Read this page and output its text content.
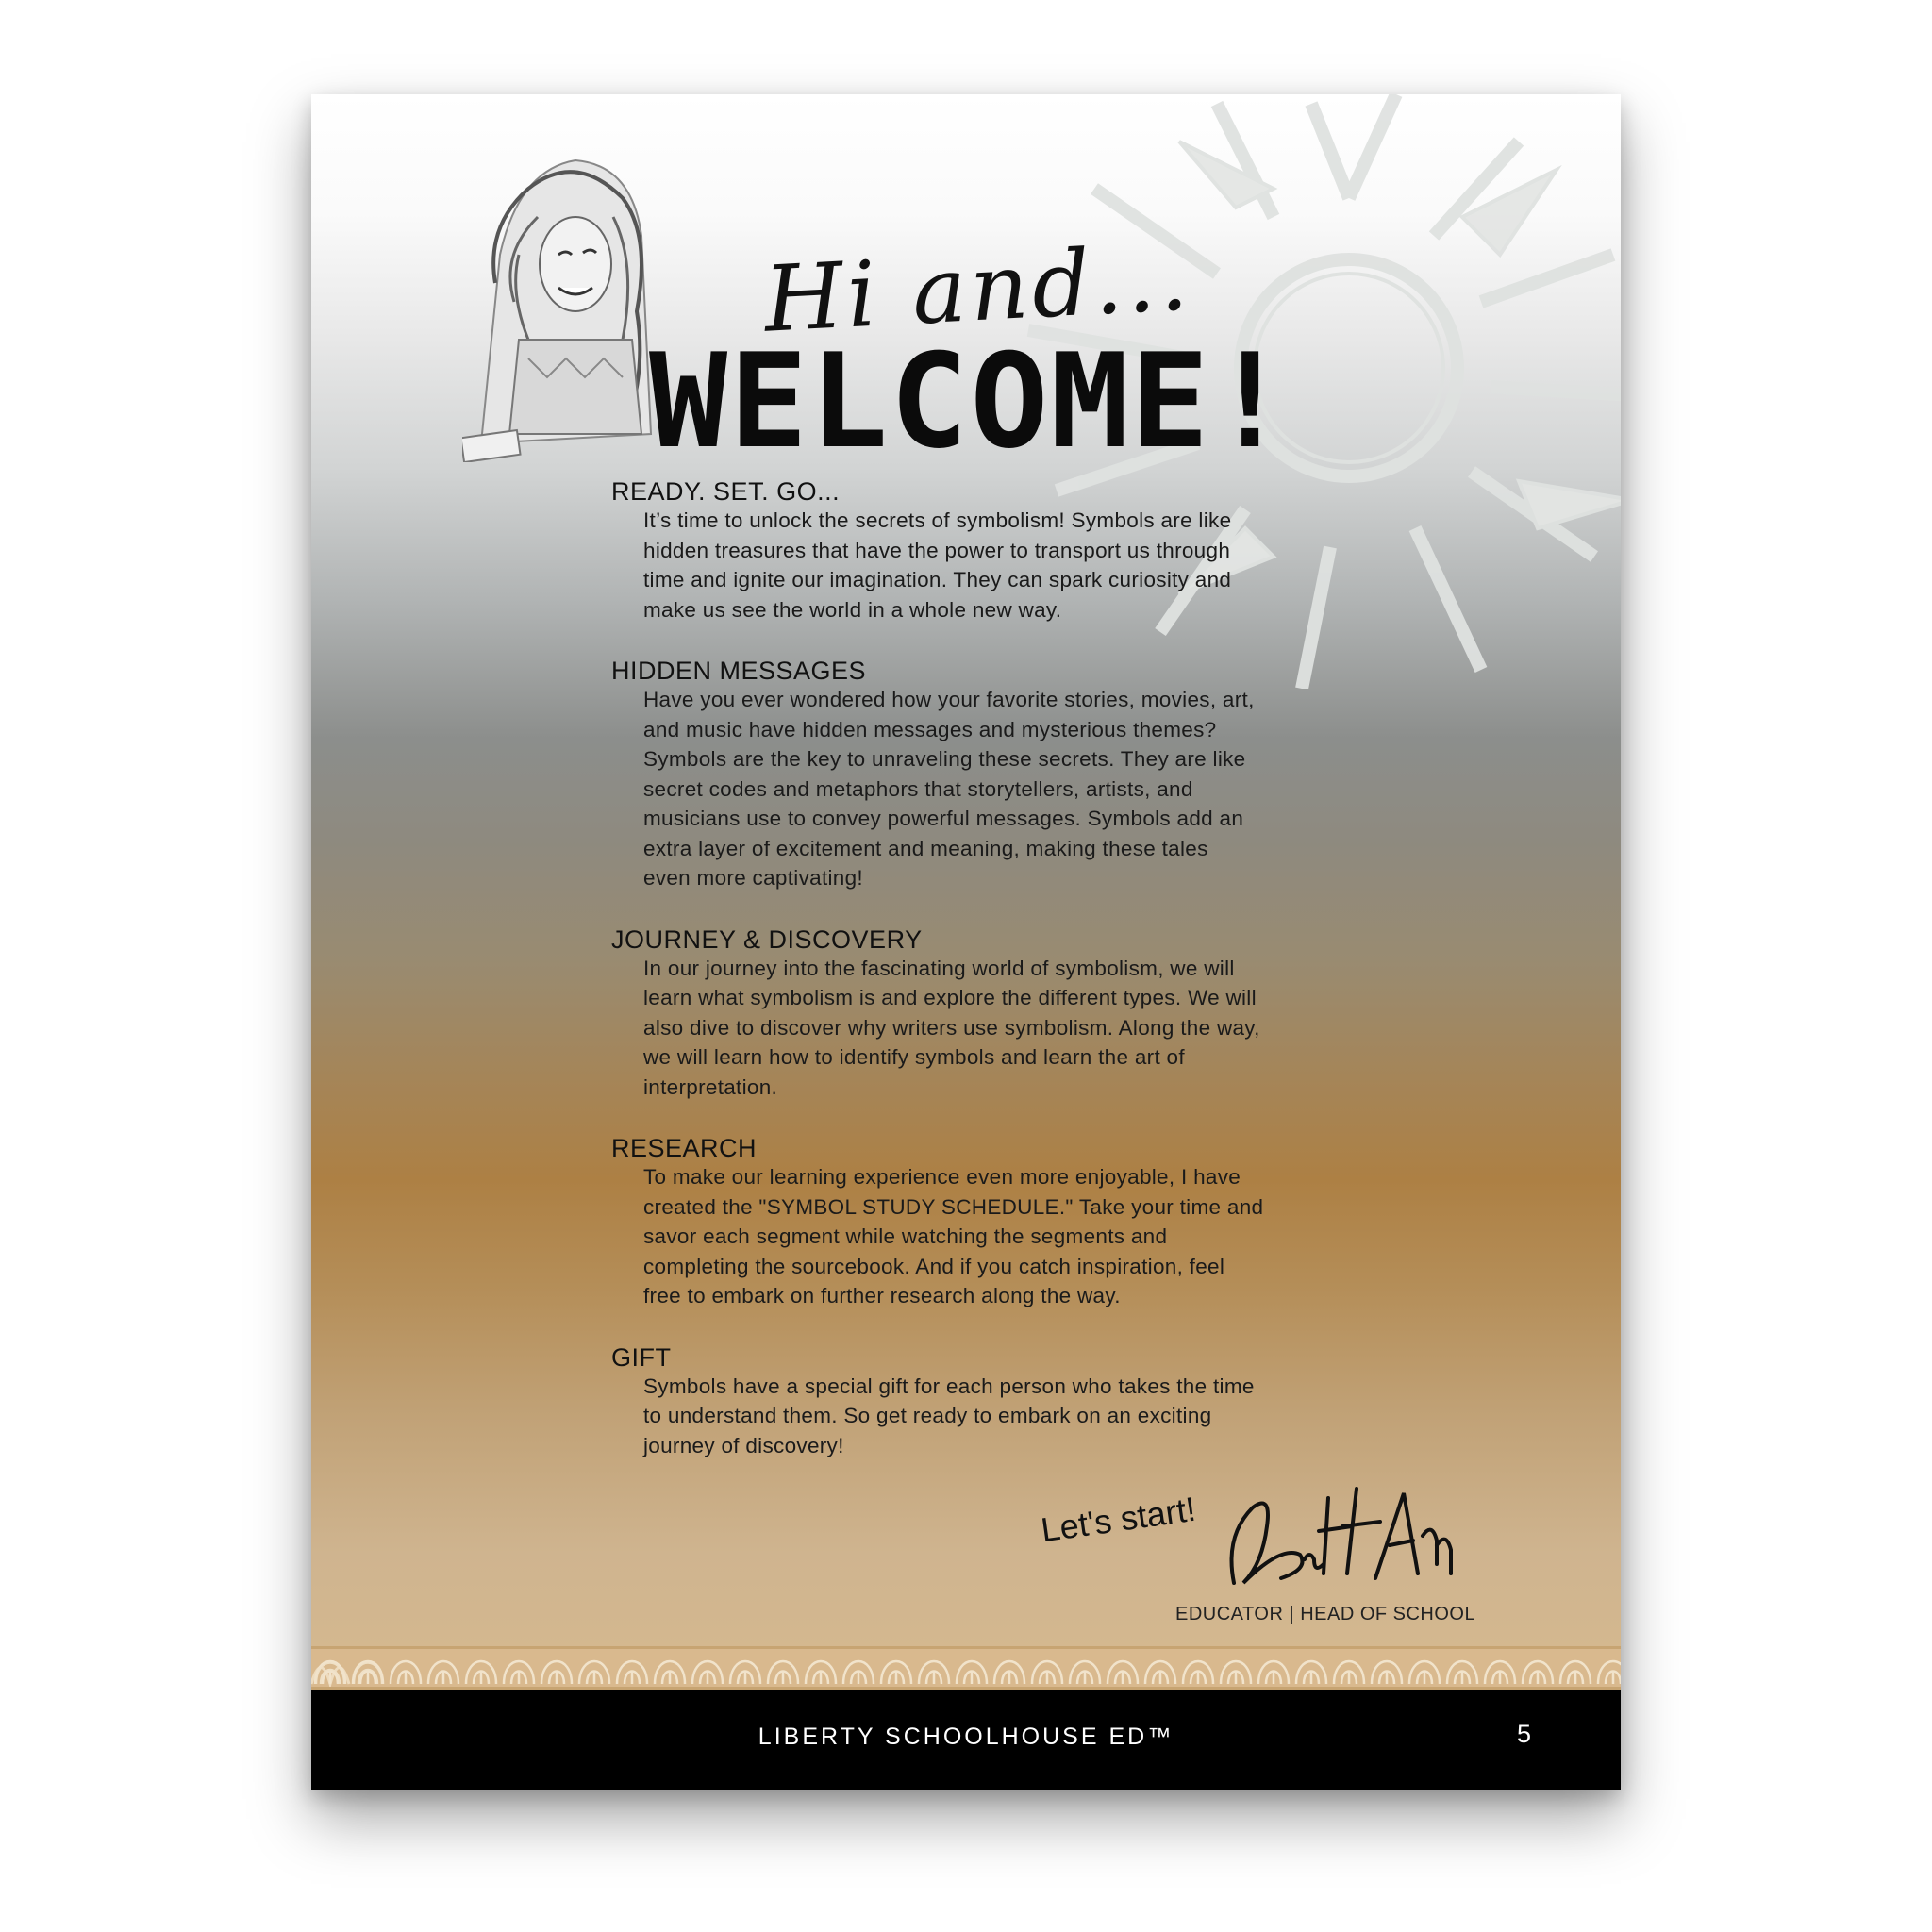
Hi and...
WELCOME!
READY. SET. GO...
It’s time to unlock the secrets of symbolism! Symbols are like
hidden treasures that have the power to transport us through
time and ignite our imagination. They can spark curiosity and
make us see the world in a whole new way.
HIDDEN MESSAGES
Have you ever wondered how your favorite stories, movies, art,
and music have hidden messages and mysterious themes?
Symbols are the key to unraveling these secrets. They are like
secret codes and metaphors that storytellers, artists, and
musicians use to convey powerful messages. Symbols add an
extra layer of excitement and meaning, making these tales
even more captivating!
JOURNEY & DISCOVERY
In our journey into the fascinating world of symbolism, we will
learn what symbolism is and explore the different types. We will
also dive to discover why writers use symbolism. Along the way,
we will learn how to identify symbols and learn the art of
interpretation.
RESEARCH
To make our learning experience even more enjoyable, I have
created the "SYMBOL STUDY SCHEDULE." Take your time and
savor each segment while watching the segments and
completing the sourcebook. And if you catch inspiration, feel
free to embark on further research along the way.
GIFT
Symbols have a special gift for each person who takes the time
to understand them. So get ready to embark on an exciting
journey of discovery!
Let's start!
EDUCATOR | HEAD OF SCHOOL
LIBERTY SCHOOLHOUSE ED™	5
